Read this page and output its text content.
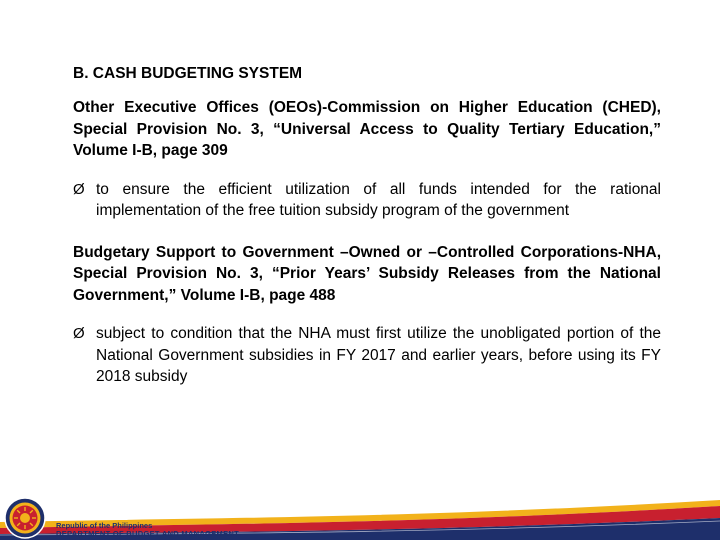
B. CASH BUDGETING SYSTEM

Other Executive Offices (OEOs)-Commission on Higher Education (CHED), Special Provision No. 3, “Universal Access to Quality Tertiary Education,” Volume I-B, page 309

Ø to ensure the efficient utilization of all funds intended for the rational implementation of the free tuition subsidy program of the government

Budgetary Support to Government –Owned or –Controlled Corporations-NHA, Special Provision No. 3, “Prior Years’ Subsidy Releases from the National Government,” Volume I-B, page 488

Ø subject to condition that the NHA must first utilize the unobligated portion of the National Government subsidies in FY 2017 and earlier years, before using its FY 2018 subsidy

Republic of the Philippines
DEPARTMENT OF BUDGET AND MANAGEMENT
